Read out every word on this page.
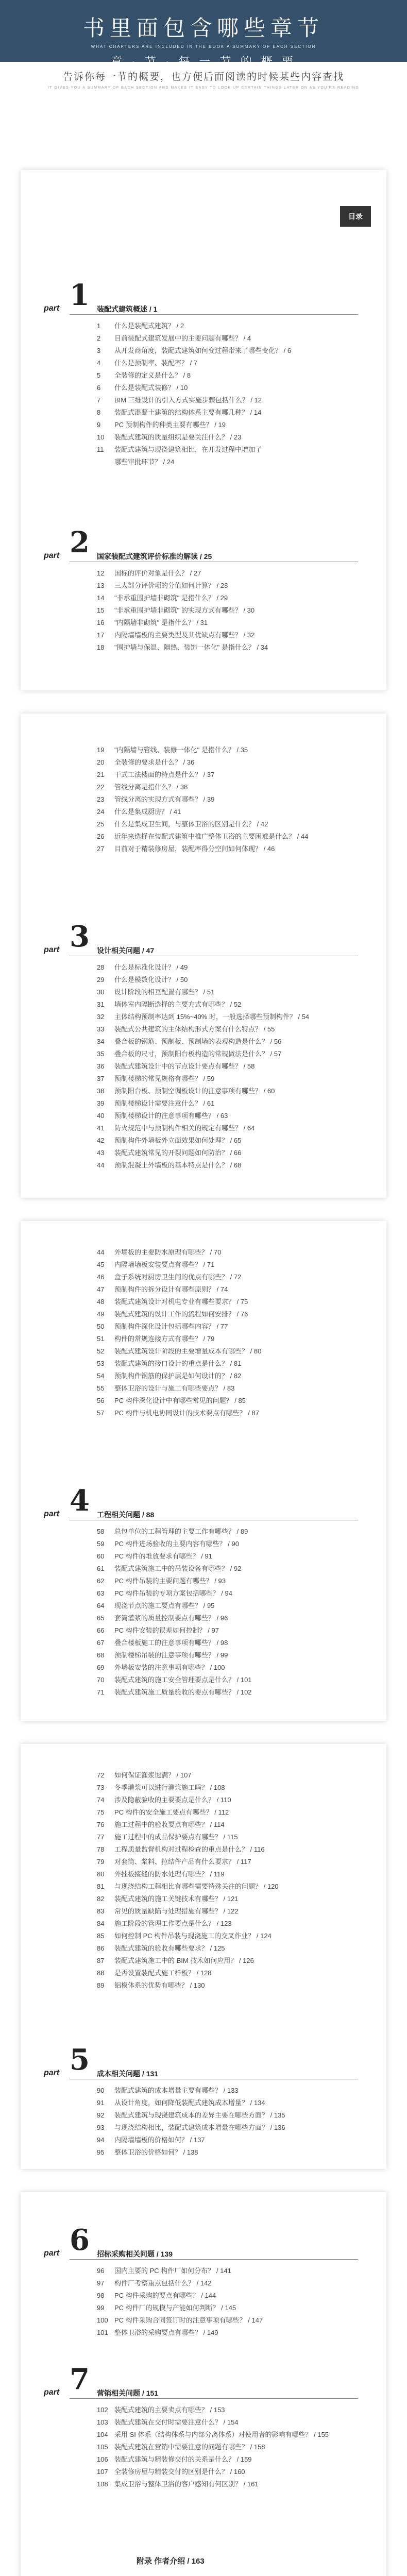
书里面包含哪些章节
WHAT CHAPTERS ARE INCLUDED IN THE BOOK A SUMMARY OF EACH SECTION
章 · 节 · 每 一 节 的 概 要
告诉你每一节的概要，也方便后面阅读的时候某些内容查找
IT GIVES YOU A SUMMARY OF EACH SECTION AND MAKES IT EASY TO LOOK UP CERTAIN THINGS LATER ON AS YOU'RE READING
目录
part 1 装配式建筑概述 / 1
1 什么是装配式建筑？ / 2
2 目前装配式建筑发展中的主要问题有哪些？ / 4
3 从开发商角度，装配式建筑如何变过程带来了哪些变化？ / 6
4 什么是预制率、装配率？ / 7
5 全装修的定义是什么？ / 8
6 什么是装配式装修？ / 10
7 BIM 三维设计的引入方式实施步骤包括什么？ / 12
8 装配式混凝土建筑的结构体系主要有哪几种？ / 14
9 PC 预制构件的种类主要有哪些？ / 19
10 装配式建筑的质量组织是要关注什么？ / 23
11 装配式建筑与现浇建筑相比，在开发过程中增加了
哪些审批环节？ / 24
part 2 国家装配式建筑评价标准的解读 / 25
12 国标的评价对象是什么？ / 27
13 三大部分评价项的分值如何计算？ / 28
14 "非承重围护墙非砌筑" 是指什么？ / 29
15 "非承重围护墙非砌筑" 的实现方式有哪些？ / 30
16 "内隔墙非砌筑" 是指什么？ / 31
17 内隔墙墙板的主要类型及其优缺点有哪些？ / 32
18 "围护墙与保温、隔热、装饰一体化" 是指什么？ / 34
19 "内隔墙与管线、装修一体化" 是指什么？ / 35
20 全装修的要求是什么？ / 36
21 干式工法楼面的特点是什么？ / 37
22 管线分离是指什么？ / 38
23 管线分离的实现方式有哪些？ / 39
24 什么是集成厨房？ / 41
25 什么是集成卫生间，与整体卫浴的区别是什么？ / 42
26 近年来选择在装配式建筑中推广整体卫浴的主要困难是什么？ / 44
27 目前对于精装修房屋，装配率得分空间如何体现？ / 46
part 3 设计相关问题 / 47
28 什么是标准化设计？ / 49
29 什么是模数化设计？ / 50
30 设计阶段的相互配置有哪些？ / 51
31 墙体室内隔断选择的主要方式有哪些？ / 52
32 主体结构预制率达到 15%~40% 时，一般选择哪些预制构件？ / 54
33 装配式公共建筑的主体结构形式方案有什么特点？ / 55
34 叠合板的钢筋、预制板、预制墙的表观构造是什么？ / 56
35 叠合板的尺寸，预制阳台板构造的常规做法是什么？ / 57
36 装配式建筑设计中的节点设计要点有哪些？ / 58
37 预制楼梯的常见规格有哪些？ / 59
38 预制阳台板、预制空调板设计的注意事项有哪些？ / 60
39 预制楼梯设计需要注意什么？ / 61
40 预制楼梯设计的注意事项有哪些？ / 63
41 防火规范中与预制构件相关的规定有哪些？ / 64
42 预制构件外墙板外立面效果如何处理？ / 65
43 装配式建筑常见的开裂问题如何防治？ / 66
44 预制混凝土外墙板的基本特点是什么？ / 68
44 外墙板的主要防水原理有哪些？ / 70
45 内隔墙墙板安装要点有哪些？ / 71
46 盒子系统对厨房卫生间的优点有哪些？ / 72
47 预制构件的拆分设计有哪些原则？ / 74
48 装配式建筑设计对机电专业有哪些要求？ / 75
49 装配式建筑的设计工作的流程如何安排？ / 76
50 预制构件深化设计包括哪些内容？ / 77
51 构件的常规连接方式有哪些？ / 79
52 装配式建筑设计阶段的主要增量成本有哪些？ / 80
53 装配式建筑的接口设计的重点是什么？ / 81
54 预制构件钢筋的保护层是如何设计的？ / 82
55 整体卫浴的设计与施工有哪些要点？ / 83
56 PC 构件深化设计中有哪些常见的问题？ / 85
57 PC 构件与机电协同设计的技术要点有哪些？ / 87
part 4 工程相关问题 / 88
58 总包单位的工程管理的主要工作有哪些？ / 89
59 PC 构件进场验收的主要内容有哪些？ / 90
60 PC 构件的堆放要求有哪些？ / 91
61 装配式建筑施工中的吊装设备有哪些？ / 92
62 PC 构件吊装的主要问题有哪些？ / 93
63 PC 构件吊装的专项方案包括哪些？ / 94
64 现浇节点的施工要点有哪些？ / 95
65 套筒灌浆的质量控制要点有哪些？ / 96
66 PC 构件安装的误差如何控制？ / 97
67 叠合楼板施工的注意事项有哪些？ / 98
68 预制楼梯吊装的注意事项有哪些？ / 99
69 外墙板安装的注意事项有哪些？ / 100
70 装配式建筑的施工安全管理要点是什么？ / 101
71 装配式建筑施工质量验收的要点有哪些？ / 102
72 如何保证灌浆饱满？ / 107
73 冬季灌浆可以进行灌浆施工吗？ / 108
74 涉及隐蔽验收的主要要点是什么？ / 110
75 PC 构件的安全施工要点有哪些？ / 112
76 施工过程中的验收要点有哪些？ / 114
77 施工过程中的成品保护要点有哪些？ / 115
78 工程质量监督机构对过程检查的重点是什么？ / 116
79 对套筒、浆料、拉结件产品有什么要求？ / 117
80 外挂板接缝的防水处理有哪些？ / 119
81 与现浇结构工程相比有哪些需要特殊关注的问题？ / 120
82 装配式建筑的施工关键技术有哪些？ / 121
83 常见的质量缺陷与处理措施有哪些？ / 122
84 施工阶段的管理工作要点是什么？ / 123
85 如何控制 PC 构件吊装与现浇施工的交叉作业？ / 124
86 装配式建筑的验收有哪些要求？ / 125
87 装配式建筑施工中的 BIM 技术如何应用？ / 126
88 是否设置装配式施工样板？ / 128
89 铝模体系的优势有哪些？ / 130
part 5 成本相关问题 / 131
90 装配式建筑的成本增量主要有哪些？ / 133
91 从设计角度，如何降低装配式建筑成本增量？ / 134
92 装配式建筑与现浇建筑成本的差异主要在哪些方面？ / 135
93 与现浇结构相比，装配式建筑成本增量在哪些方面？ / 136
94 内隔墙墙板的价格如何？ / 137
95 整体卫浴的价格如何？ / 138
part 6 招标采购相关问题 / 139
96 国内主要的 PC 构件厂如何分布？ / 141
97 构件厂考察重点包括什么？ / 142
98 PC 构件采购的要点有哪些？ / 144
99 PC 构件厂的规模与产能如何判断？ / 145
100 PC 构件采购合同签订时的注意事项有哪些？ / 147
101 整体卫浴的采购要点有哪些？ / 149
part 7 营销相关问题 / 151
102 装配式建筑的主要卖点有哪些？ / 153
103 装配式建筑在交付时需要注意什么？ / 154
104 采用 SI 体系（结构体系与内部分离体系）对使用者的影响有哪些？ / 155
105 装配式建筑在营销中需要注意的问题有哪些？ / 158
106 装配式建筑与精装修交付的关系是什么？ / 159
107 全装修房屋与精装交付的区别是什么？ / 160
108 集成卫浴与整体卫浴的客户感知有何区别？ / 161
附录 作者介绍 / 163
